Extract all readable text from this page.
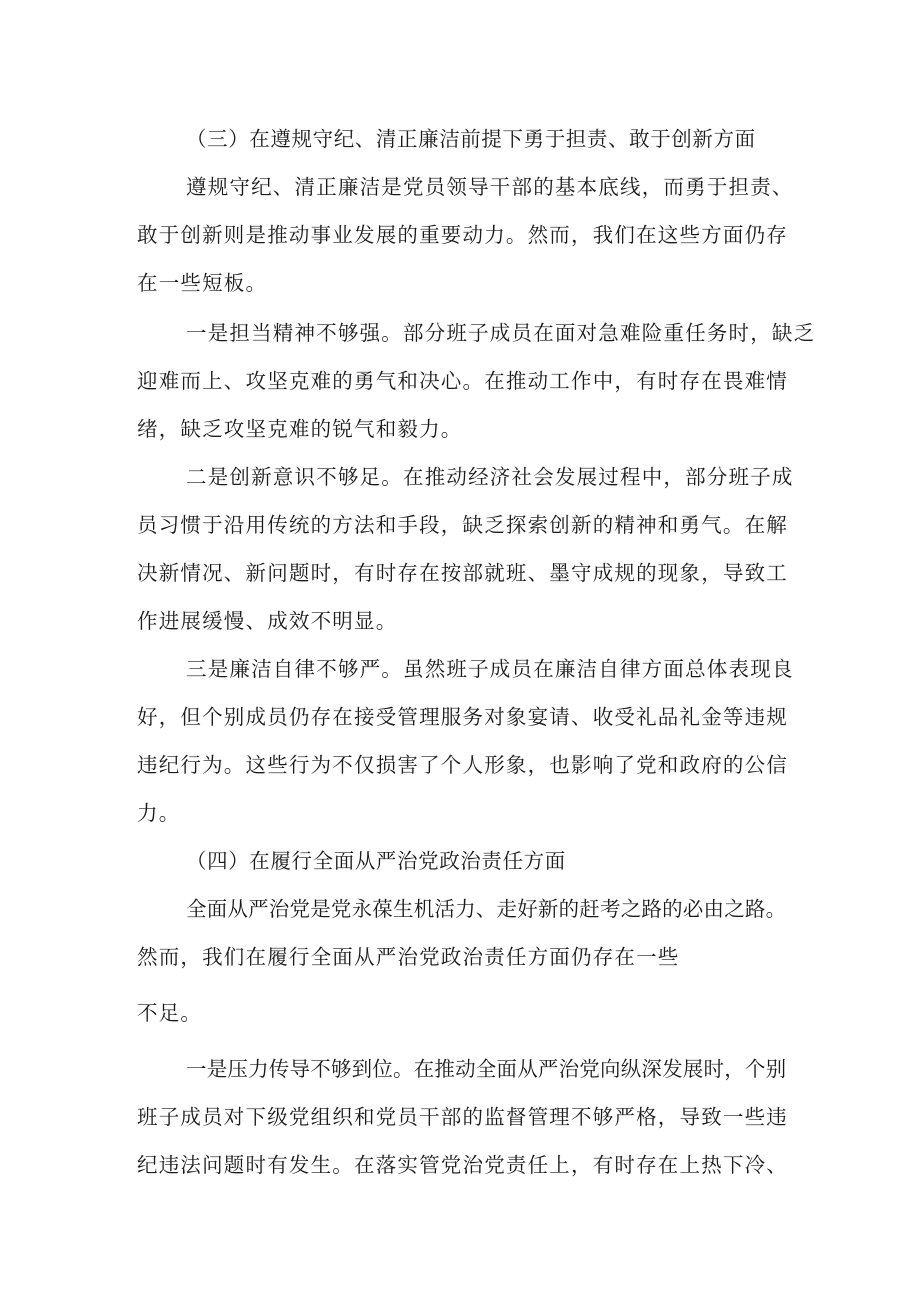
（三）在遵规守纪、清正廉洁前提下勇于担责、敢于创新方面

遵规守纪、清正廉洁是党员领导干部的基本底线，而勇于担责、

敢于创新则是推动事业发展的重要动力。然而，我们在这些方面仍存

在一些短板。

一是担当精神不够强。部分班子成员在面对急难险重任务时，缺乏

迎难而上、攻坚克难的勇气和决心。在推动工作中，有时存在畏难情

绪，缺乏攻坚克难的锐气和毅力。

二是创新意识不够足。在推动经济社会发展过程中，部分班子成

员习惯于沿用传统的方法和手段，缺乏探索创新的精神和勇气。在解

决新情况、新问题时，有时存在按部就班、墨守成规的现象，导致工

作进展缓慢、成效不明显。

三是廉洁自律不够严。虽然班子成员在廉洁自律方面总体表现良

好，但个别成员仍存在接受管理服务对象宴请、收受礼品礼金等违规

违纪行为。这些行为不仅损害了个人形象，也影响了党和政府的公信

力。

（四）在履行全面从严治党政治责任方面

全面从严治党是党永葆生机活力、走好新的赶考之路的必由之路。

然而，我们在履行全面从严治党政治责任方面仍存在一些

不足。

一是压力传导不够到位。在推动全面从严治党向纵深发展时，个别

班子成员对下级党组织和党员干部的监督管理不够严格，导致一些违

纪违法问题时有发生。在落实管党治党责任上，有时存在上热下冷、
